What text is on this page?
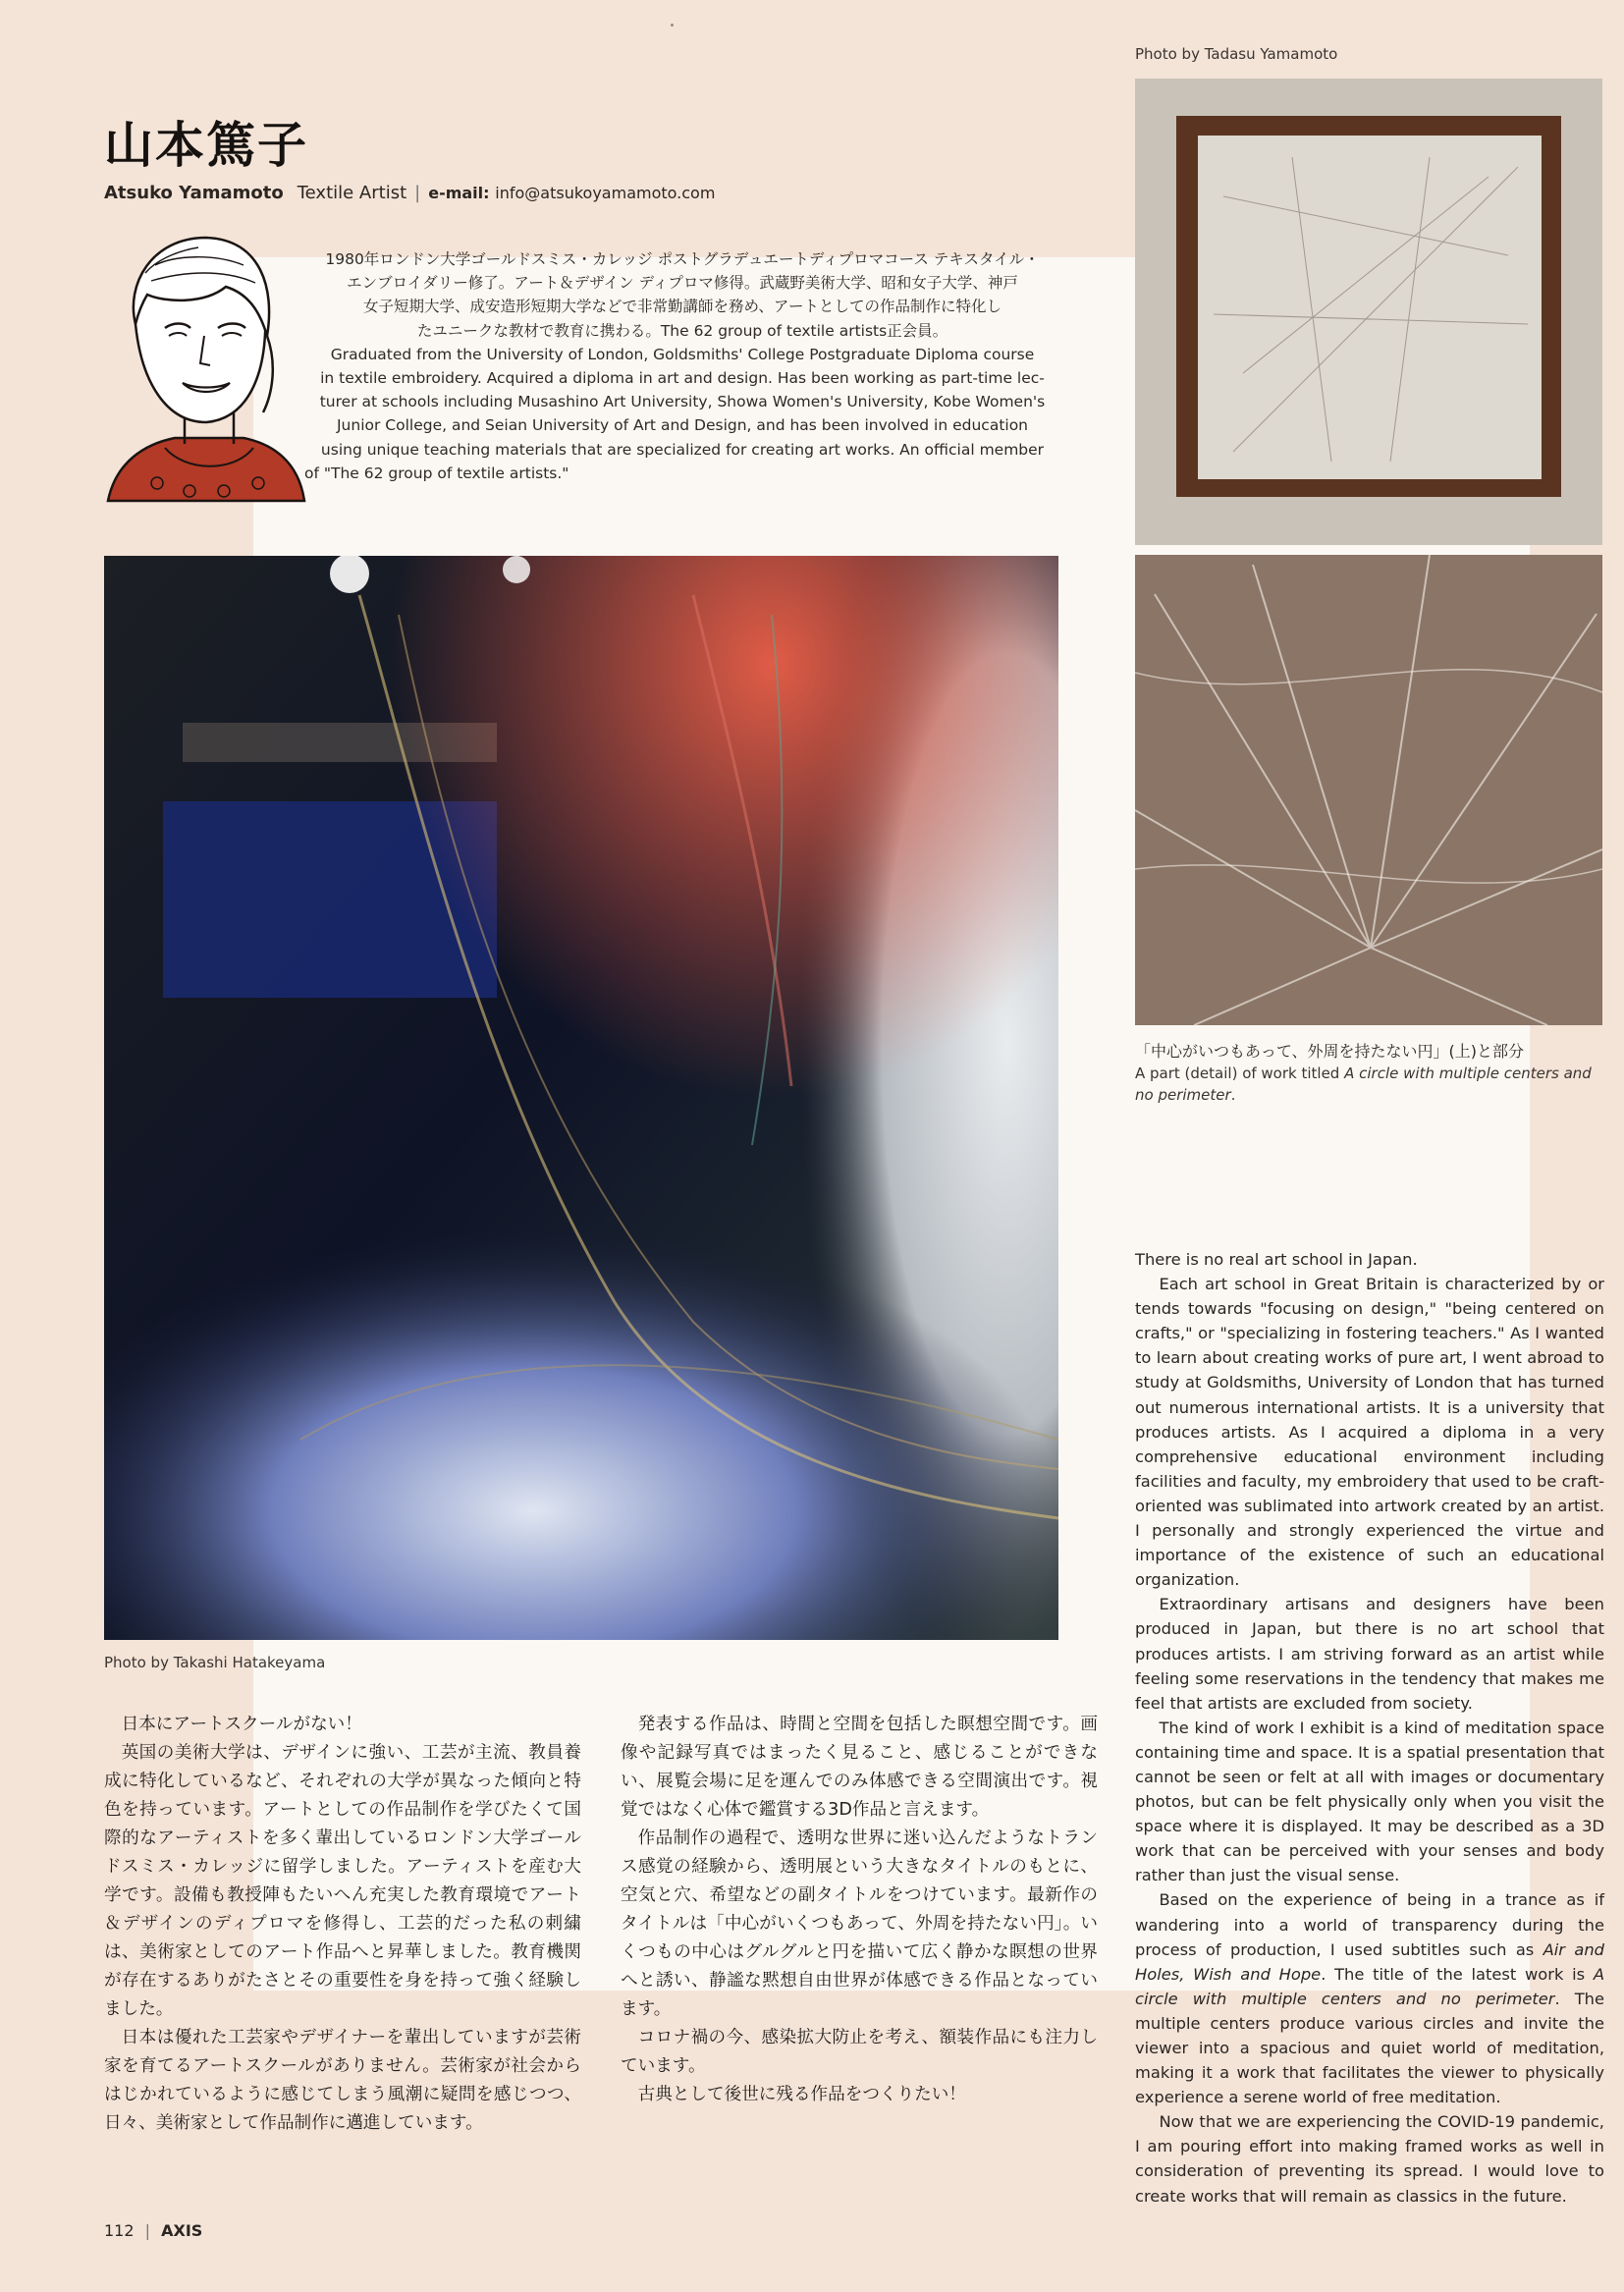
Photo by Tadasu Yamamoto
山本篤子
Atsuko Yamamoto Textile Artist | e-mail: info@atsukoyamamoto.com

1980年ロンドン大学ゴールドスミス・カレッジ ポストグラデュエートディプロマコース テキスタイル・

エンブロイダリー修了。アート＆デザイン ディプロマ修得。武蔵野美術大学、昭和女子大学、神戸

女子短期大学、成安造形短期大学などで非常勤講師を務め、アートとしての作品制作に特化し

たユニークな教材で教育に携わる。The 62 group of textile artists正会員。

Graduated from the University of London, Goldsmiths' College Postgraduate Diploma course

in textile embroidery. Acquired a diploma in art and design. Has been working as part-time lec-

turer at schools including Musashino Art University, Showa Women's University, Kobe Women's

Junior College, and Seian University of Art and Design, and has been involved in education

using unique teaching materials that are specialized for creating art works. An official member

of "The 62 group of textile artists."

Photo by Takashi Hatakeyama
「中心がいつもあって、外周を持たない円」(上)と部分
A part (detail) of work titled A circle with multiple centers and no perimeter.

日本にアートスクールがない！

英国の美術大学は、デザインに強い、工芸が主流、教員養成に特化しているなど、それぞれの大学が異なった傾向と特色を持っています。アートとしての作品制作を学びたくて国際的なアーティストを多く輩出しているロンドン大学ゴールドスミス・カレッジに留学しました。アーティストを産む大学です。設備も教授陣もたいへん充実した教育環境でアート＆デザインのディプロマを修得し、工芸的だった私の刺繍は、美術家としてのアート作品へと昇華しました。教育機関が存在するありがたさとその重要性を身を持って強く経験しました。

日本は優れた工芸家やデザイナーを輩出していますが芸術家を育てるアートスクールがありません。芸術家が社会からはじかれているように感じてしまう風潮に疑問を感じつつ、日々、美術家として作品制作に邁進しています。

発表する作品は、時間と空間を包括した瞑想空間です。画像や記録写真ではまったく見ること、感じることができない、展覧会場に足を運んでのみ体感できる空間演出です。視覚ではなく心体で鑑賞する3D作品と言えます。

作品制作の過程で、透明な世界に迷い込んだようなトランス感覚の経験から、透明展という大きなタイトルのもとに、空気と穴、希望などの副タイトルをつけています。最新作のタイトルは「中心がいくつもあって、外周を持たない円」。いくつもの中心はグルグルと円を描いて広く静かな瞑想の世界へと誘い、静謐な黙想自由世界が体感できる作品となっています。

コロナ禍の今、感染拡大防止を考え、額装作品にも注力しています。

古典として後世に残る作品をつくりたい！

There is no real art school in Japan.

Each art school in Great Britain is characterized by or tends towards "focusing on design," "being centered on crafts," or "specializing in fostering teachers." As I wanted to learn about creating works of pure art, I went abroad to study at Goldsmiths, University of London that has turned out numerous international artists. It is a university that produces artists. As I acquired a diploma in a very comprehensive educational environment including facilities and faculty, my embroidery that used to be craft-oriented was sublimated into artwork created by an artist. I personally and strongly experienced the virtue and importance of the existence of such an educational organization.

Extraordinary artisans and designers have been produced in Japan, but there is no art school that produces artists. I am striving forward as an artist while feeling some reservations in the tendency that makes me feel that artists are excluded from society.

The kind of work I exhibit is a kind of meditation space containing time and space. It is a spatial presentation that cannot be seen or felt at all with images or documentary photos, but can be felt physically only when you visit the space where it is displayed. It may be described as a 3D work that can be perceived with your senses and body rather than just the visual sense.

Based on the experience of being in a trance as if wandering into a world of transparency during the process of production, I used subtitles such as Air and Holes, Wish and Hope. The title of the latest work is A circle with multiple centers and no perimeter. The multiple centers produce various circles and invite the viewer into a spacious and quiet world of meditation, making it a work that facilitates the viewer to physically experience a serene world of free meditation.

Now that we are experiencing the COVID-19 pandemic, I am pouring effort into making framed works as well in consideration of preventing its spread. I would love to create works that will remain as classics in the future.

112 | AXIS
